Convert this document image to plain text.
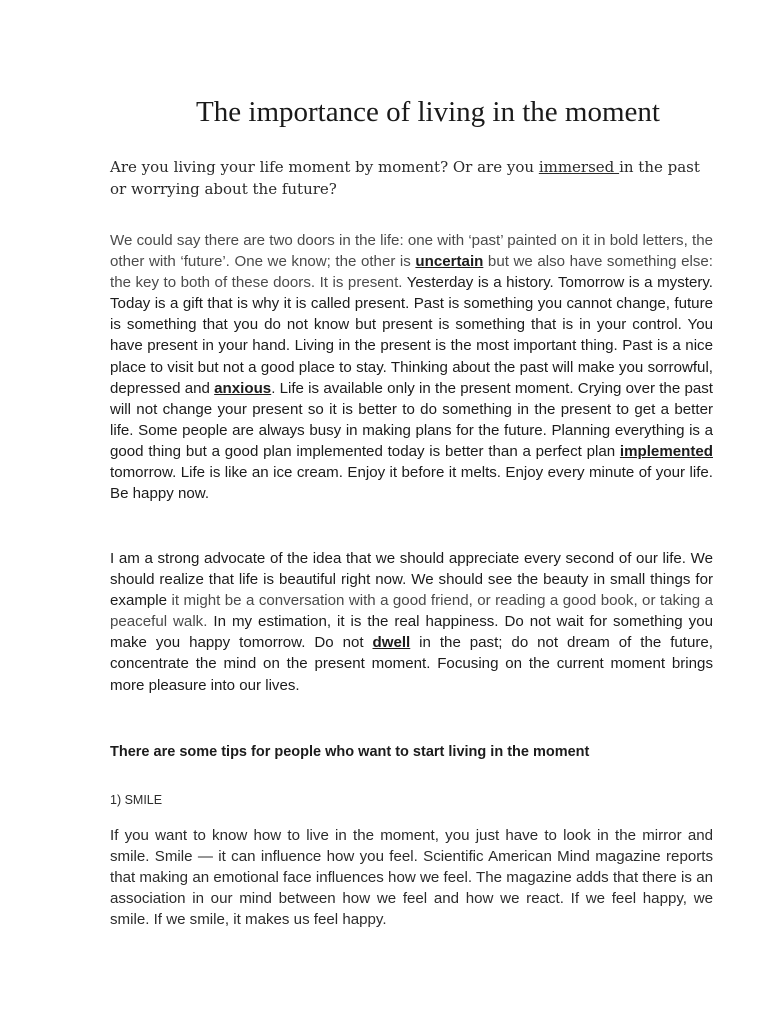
The importance of living in the moment

Are you living your life moment by moment? Or are you immersed in the past or worrying about the future?

We could say there are two doors in the life: one with ‘past’ painted on it in bold letters, the other with ‘future’. One we know; the other is uncertain but we also have something else: the key to both of these doors. It is present. Yesterday is a history. Tomorrow is a mystery. Today is a gift that is why it is called present. Past is something you cannot change, future is something that you do not know but present is something that is in your control. You have present in your hand. Living in the present is the most important thing. Past is a nice place to visit but not a good place to stay. Thinking about the past will make you sorrowful, depressed and anxious. Life is available only in the present moment. Crying over the past will not change your present so it is better to do something in the present to get a better life. Some people are always busy in making plans for the future. Planning everything is a good thing but a good plan implemented today is better than a perfect plan implemented tomorrow. Life is like an ice cream. Enjoy it before it melts. Enjoy every minute of your life. Be happy now.

I am a strong advocate of the idea that we should appreciate every second of our life. We should realize that life is beautiful right now. We should see the beauty in small things for example it might be a conversation with a good friend, or reading a good book, or taking a peaceful walk. In my estimation, it is the real happiness. Do not wait for something you make you happy tomorrow. Do not dwell in the past; do not dream of the future, concentrate the mind on the present moment. Focusing on the current moment brings more pleasure into our lives.

There are some tips for people who want to start living in the moment

1) SMILE

If you want to know how to live in the moment, you just have to look in the mirror and smile. Smile — it can influence how you feel. Scientific American Mind magazine reports that making an emotional face influences how we feel. The magazine adds that there is an association in our mind between how we feel and how we react. If we feel happy, we smile. If we smile, it makes us feel happy.
